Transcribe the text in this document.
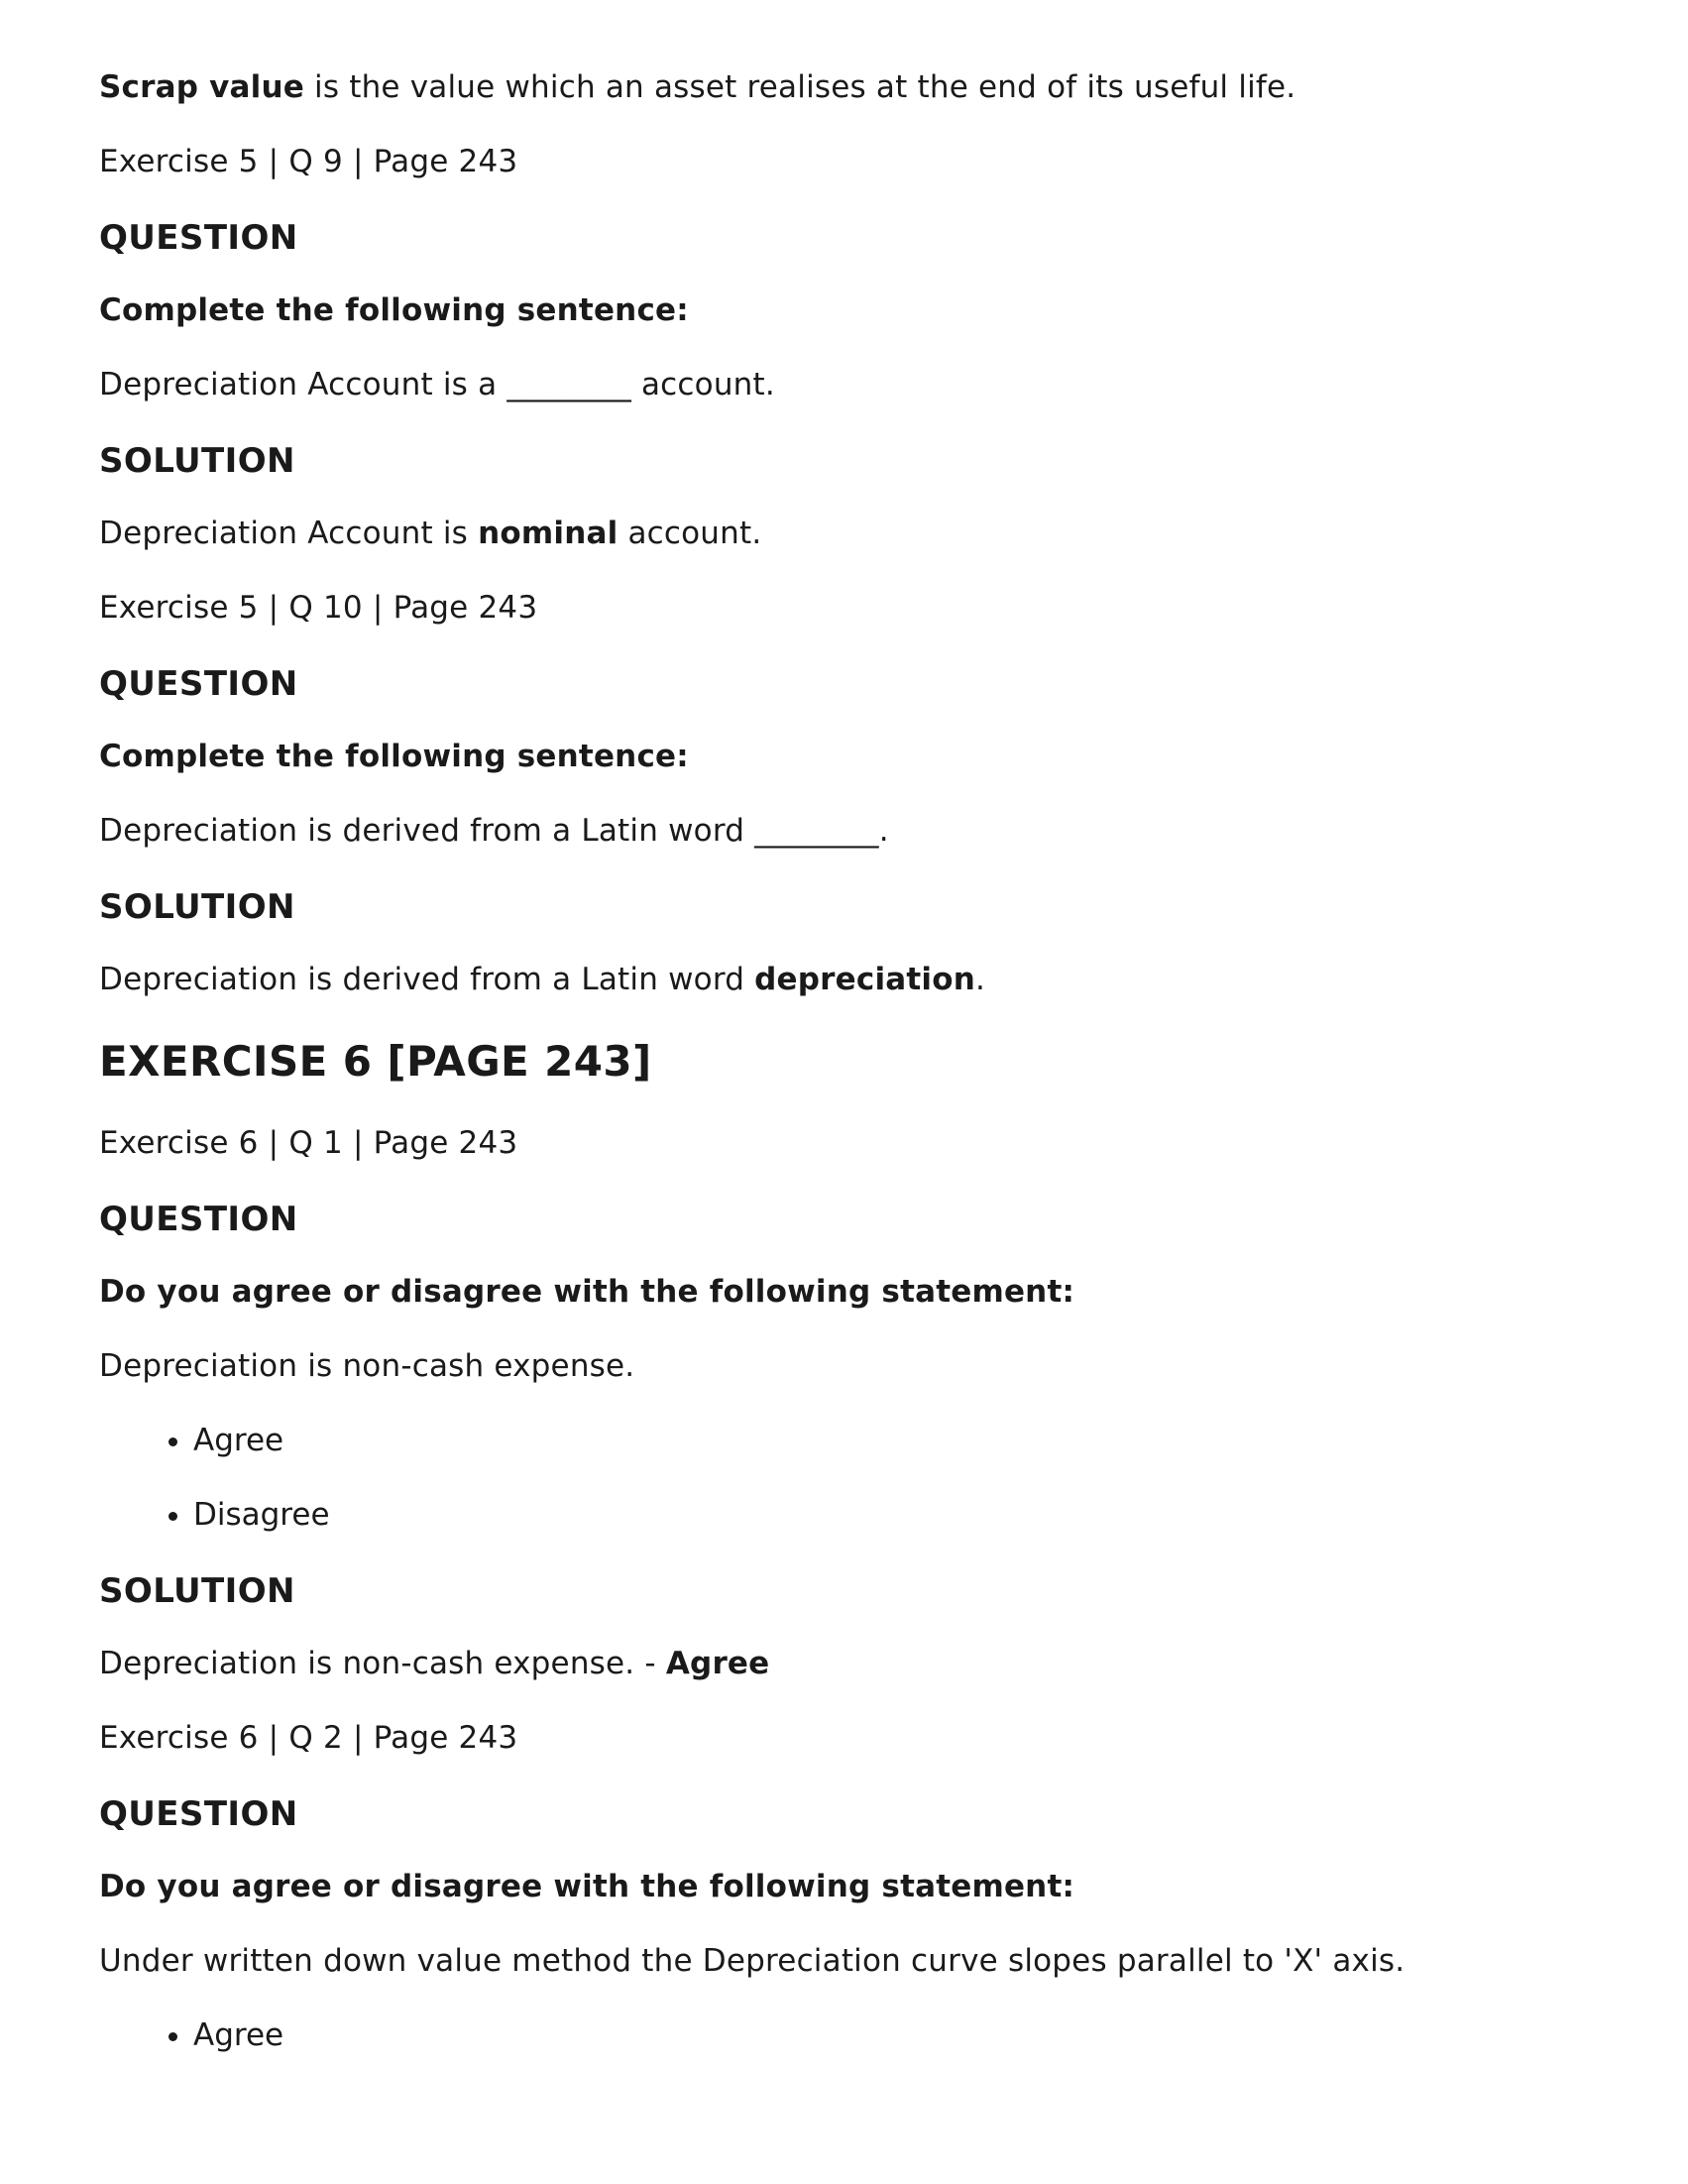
Scrap value is the value which an asset realises at the end of its useful life.

Exercise 5 | Q 9 | Page 243

QUESTION

Complete the following sentence:

Depreciation Account is a ________ account.

SOLUTION

Depreciation Account is nominal account.

Exercise 5 | Q 10 | Page 243

QUESTION

Complete the following sentence:

Depreciation is derived from a Latin word ________.

SOLUTION

Depreciation is derived from a Latin word depreciation.

EXERCISE 6 [PAGE 243]

Exercise 6 | Q 1 | Page 243

QUESTION

Do you agree or disagree with the following statement:

Depreciation is non-cash expense.

• Agree
• Disagree
SOLUTION

Depreciation is non-cash expense. - Agree

Exercise 6 | Q 2 | Page 243

QUESTION

Do you agree or disagree with the following statement:

Under written down value method the Depreciation curve slopes parallel to 'X' axis.

• Agree
